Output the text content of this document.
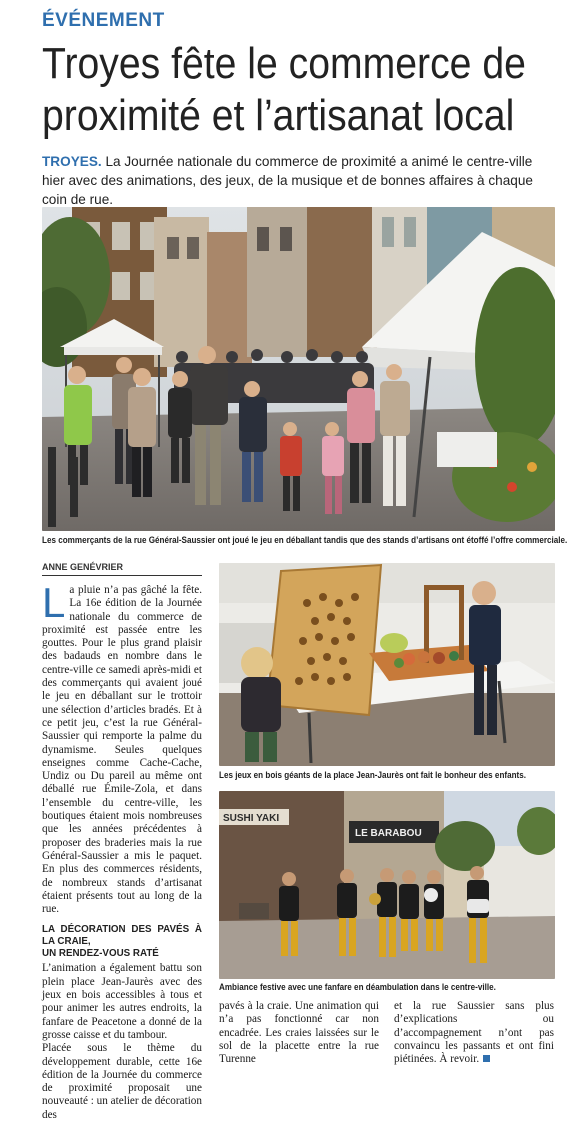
ÉVÉNEMENT
Troyes fête le commerce de
proximité et l’artisanat local
TROYES. La Journée nationale du commerce de proximité a animé le centre-ville hier avec des animations, des jeux, de la musique et de bonnes affaires à chaque coin de rue.
Les commerçants de la rue Général-Saussier ont joué le jeu en déballant tandis que des stands d’artisans ont étoffé l’offre commerciale.
ANNE GENÉVRIER
L a pluie n’a pas gâché la fête. La 16e édition de la Journée nationale du commerce de proximité est passée entre les gouttes. Pour le plus grand plaisir des badauds en nombre dans le centre-ville ce samedi après-midi et des commerçants qui avaient joué le jeu en déballant sur le trottoir une sélection d’articles bradés. Et à ce petit jeu, c’est la rue Général-Saussier qui remporte la palme du dynamisme. Seules quelques enseignes comme Cache-Cache, Undiz ou Du pareil au même ont déballé rue Émile-Zola, et dans l’ensemble du centre-ville, les boutiques étaient mois nombreuses que les années précédentes à proposer des braderies mais la rue Général-Saussier a mis le paquet. En plus des commerces résidents, de nombreux stands d’artisanat étaient présents tout au long de la rue.

LA DÉCORATION DES PAVÉS À LA CRAIE,
UN RENDEZ-VOUS RATÉ

L’animation a également battu son plein place Jean-Jaurès avec des jeux en bois accessibles à tous et pour animer les autres endroits, la fanfare de Peacetone a donné de la grosse caisse et du tambour.

Placée sous le thème du développement durable, cette 16e édition de la Journée du commerce de proximité proposait une nouveauté : un atelier de décoration des

Les jeux en bois géants de la place Jean-Jaurès ont fait le bonheur des enfants.
SUSHI YAKI
LE BARABOU
Ambiance festive avec une fanfare en déambulation dans le centre-ville.

pavés à la craie. Une animation qui n’a pas fonctionné car non encadrée. Les craies laissées sur le sol de la placette entre la rue Turenne

et la rue Saussier sans plus d’explications ou d’accompagnement n’ont pas convaincu les passants et ont fini piétinées. À revoir.
